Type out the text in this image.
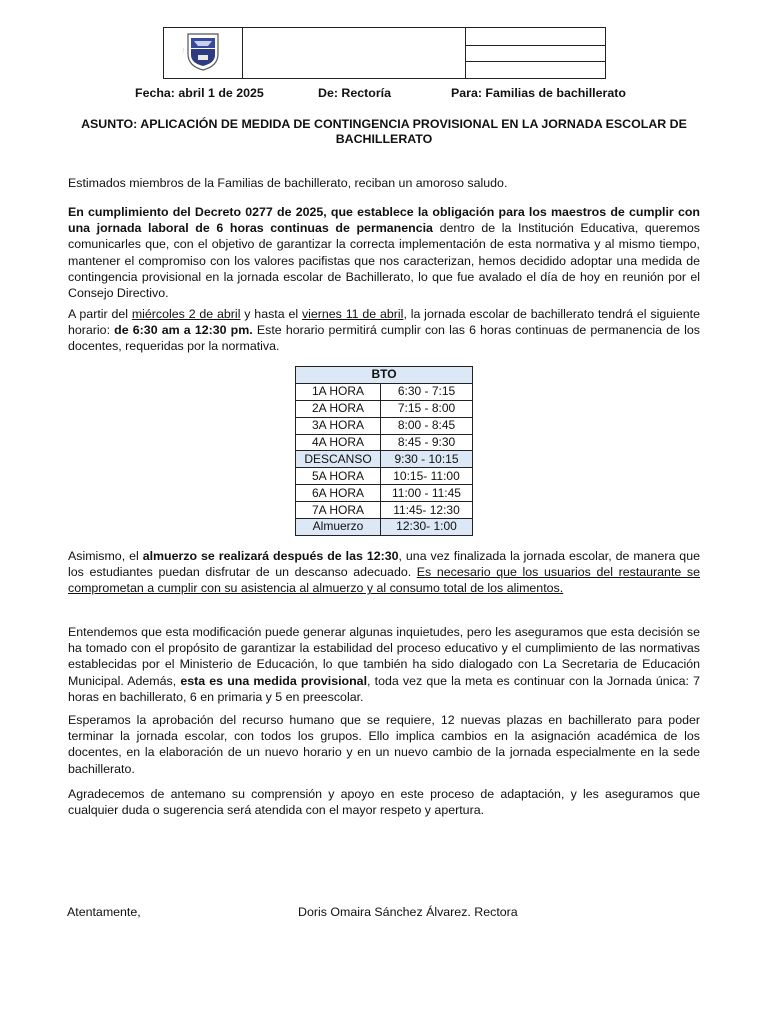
·····

Fecha: abril 1 de 2025	De: Rectoría	Para: Familias de bachillerato
ASUNTO: APLICACIÓN DE MEDIDA DE CONTINGENCIA PROVISIONAL EN LA JORNADA ESCOLAR DE BACHILLERATO

Estimados miembros de la Familias de bachillerato, reciban un amoroso saludo.

En cumplimiento del Decreto 0277 de 2025, que establece la obligación para los maestros de cumplir con una jornada laboral de 6 horas continuas de permanencia dentro de la Institución Educativa, queremos comunicarles que, con el objetivo de garantizar la correcta implementación de esta normativa y al mismo tiempo, mantener el compromiso con los valores pacifistas que nos caracterizan, hemos decidido adoptar una medida de contingencia provisional en la jornada escolar de Bachillerato, lo que fue avalado el día de hoy en reunión por el Consejo Directivo.

A partir del miércoles 2 de abril y hasta el viernes 11 de abril, la jornada escolar de bachillerato tendrá el siguiente horario: de 6:30 am a 12:30 pm. Este horario permitirá cumplir con las 6 horas continuas de permanencia de los docentes, requeridas por la normativa.

BTO	
1A HORA	6:30 - 7:15
2A HORA	7:15 - 8:00
3A HORA	8:00 - 8:45
4A HORA	8:45 - 9:30
DESCANSO	9:30 - 10:15
5A HORA	10:15- 11:00
6A HORA	11:00 - 11:45
7A HORA	11:45- 12:30
Almuerzo	12:30- 1:00

Asimismo, el almuerzo se realizará después de las 12:30, una vez finalizada la jornada escolar, de manera que los estudiantes puedan disfrutar de un descanso adecuado. Es necesario que los usuarios del restaurante se comprometan a cumplir con su asistencia al almuerzo y al consumo total de los alimentos.

Entendemos que esta modificación puede generar algunas inquietudes, pero les aseguramos que esta decisión se ha tomado con el propósito de garantizar la estabilidad del proceso educativo y el cumplimiento de las normativas establecidas por el Ministerio de Educación, lo que también ha sido dialogado con La Secretaria de Educación Municipal. Además, esta es una medida provisional, toda vez que la meta es continuar con la Jornada única: 7 horas en bachillerato, 6 en primaria y 5 en preescolar.

Esperamos la aprobación del recurso humano que se requiere, 12 nuevas plazas en bachillerato para poder terminar la jornada escolar, con todos los grupos. Ello implica cambios en la asignación académica de los docentes, en la elaboración de un nuevo horario y en un nuevo cambio de la jornada especialmente en la sede bachillerato.

Agradecemos de antemano su comprensión y apoyo en este proceso de adaptación, y les aseguramos que cualquier duda o sugerencia será atendida con el mayor respeto y apertura.

Atentamente,	Doris Omaira Sánchez Álvarez. Rectora
